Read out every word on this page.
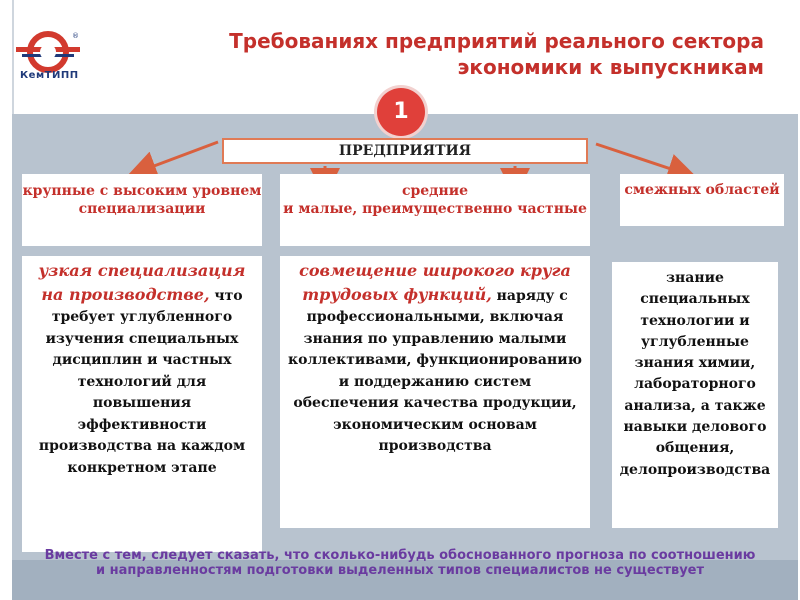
®
КемТИПП
Требованиях предприятий реального сектора
экономики к выпускникам
1
ПРЕДПРИЯТИЯ
крупные с высоким уровнем специализации
средние
и малые, преимущественно частные
смежных областей
узкая специализация на производстве, что требует углубленного изучения специальных дисциплин и частных технологий для повышения эффективности производства на каждом конкретном этапе
совмещение широкого круга трудовых функций, наряду с профессиональными, включая знания по управлению малыми коллективами, функционированию и поддержанию систем обеспечения качества продукции, экономическим основам производства
знание специальных технологии и углубленные знания химии, лабораторного анализа, а также навыки делового общения, делопроизводства
Вместе с тем, следует сказать, что сколько-нибудь обоснованного прогноза по соотношению и направленностям подготовки выделенных типов специалистов не существует
